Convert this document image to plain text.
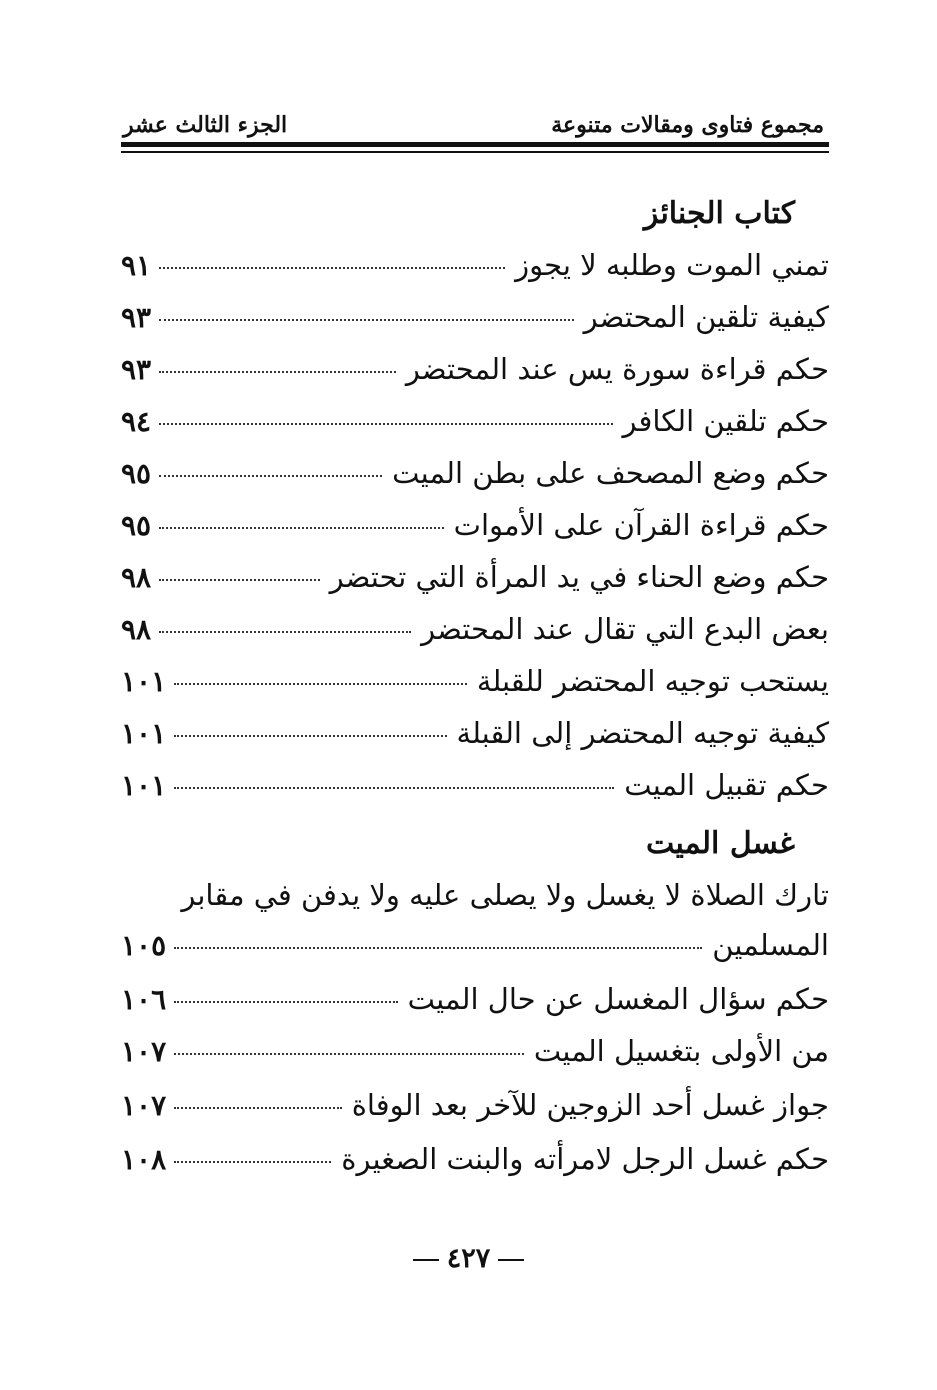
مجموع فتاوى ومقالات متنوعة
الجزء الثالث عشر
كتاب الجنائز
تمني الموت وطلبه لا يجوز
٩١
كيفية تلقين المحتضر
٩٣
حكم قراءة سورة يس عند المحتضر
٩٣
حكم تلقين الكافر
٩٤
حكم وضع المصحف على بطن الميت
٩٥
حكم قراءة القرآن على الأموات
٩٥
حكم وضع الحناء في يد المرأة التي تحتضر
٩٨
بعض البدع التي تقال عند المحتضر
٩٨
يستحب توجيه المحتضر للقبلة
١٠١
كيفية توجيه المحتضر إلى القبلة
١٠١
حكم تقبيل الميت
١٠١
غسل الميت
تارك الصلاة لا يغسل ولا يصلى عليه ولا يدفن في مقابر
المسلمين
١٠٥
حكم سؤال المغسل عن حال الميت
١٠٦
من الأولى بتغسيل الميت
١٠٧
جواز غسل أحد الزوجين للآخر بعد الوفاة
١٠٧
حكم غسل الرجل لامرأته والبنت الصغيرة
١٠٨
٤٢٧
